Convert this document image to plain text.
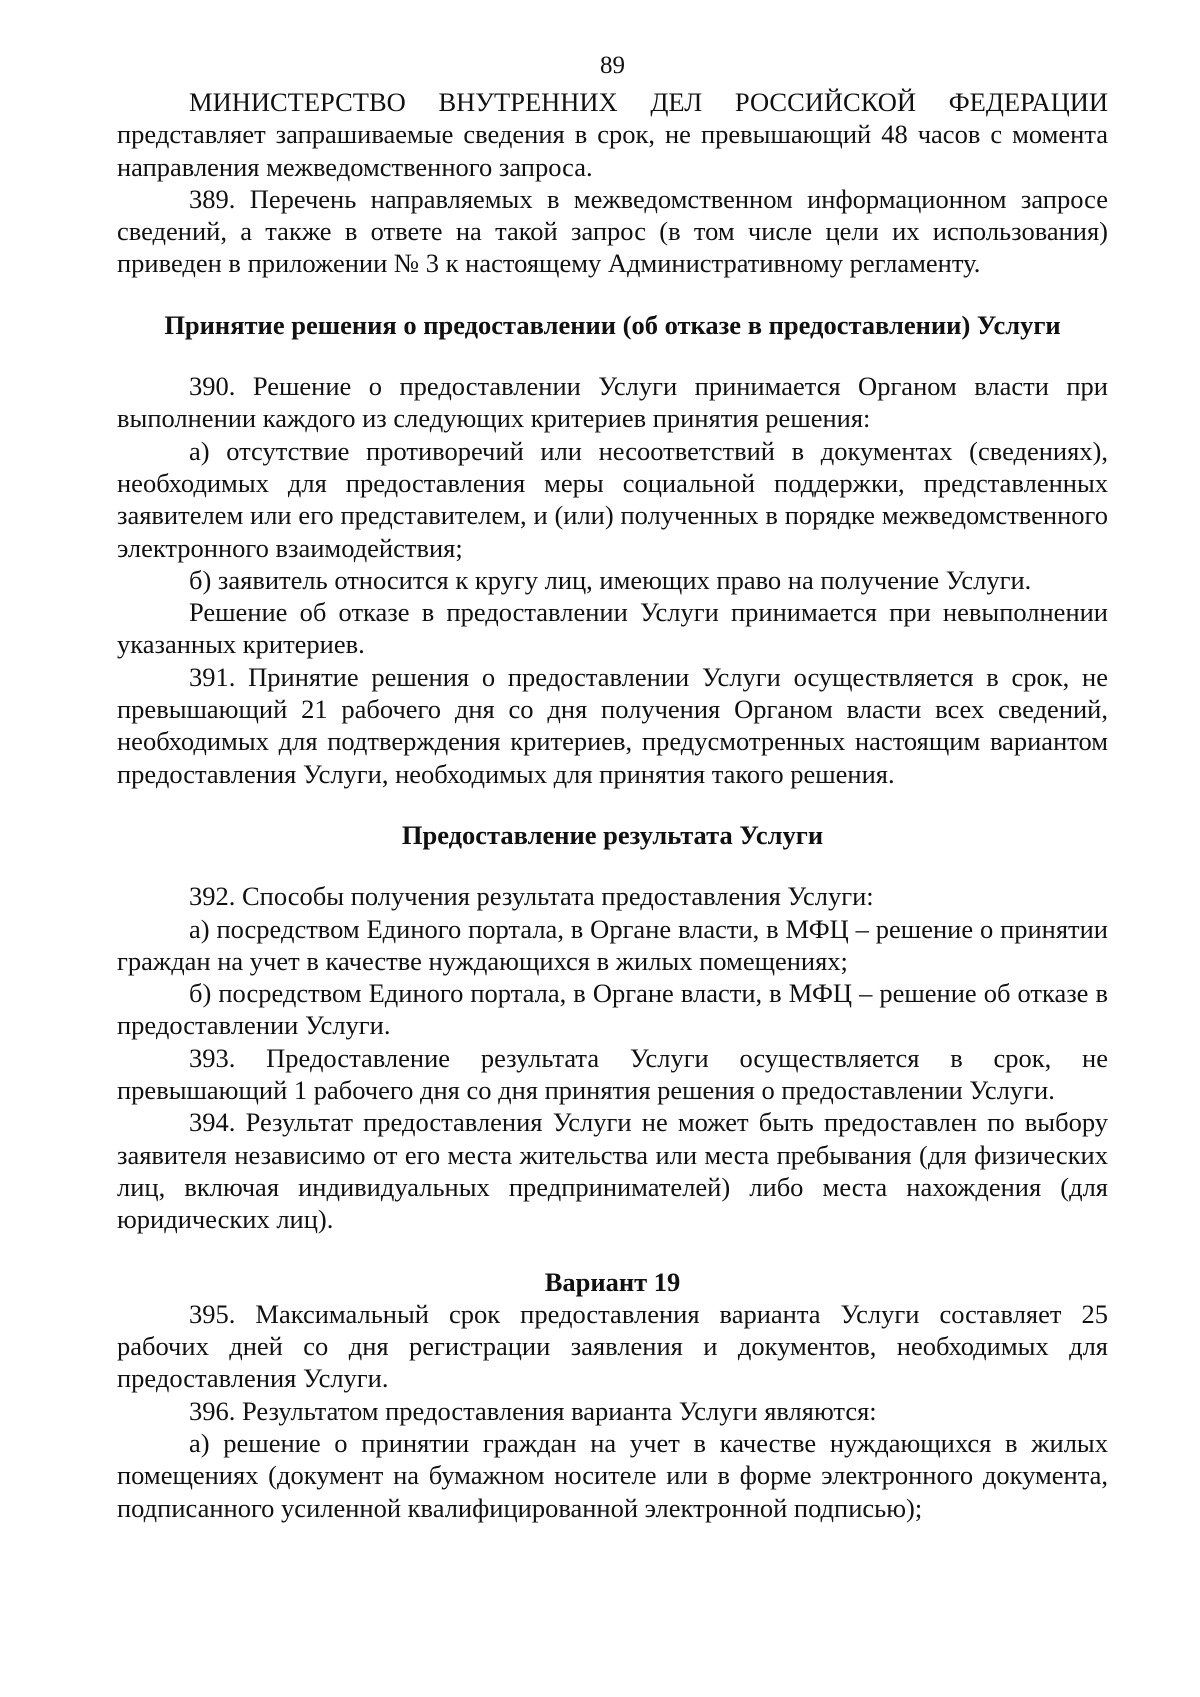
89

МИНИСТЕРСТВО ВНУТРЕННИХ ДЕЛ РОССИЙСКОЙ ФЕДЕРАЦИИ

представляет запрашиваемые сведения в срок, не превышающий 48 часов с момента направления межведомственного запроса.

389. Перечень направляемых в межведомственном информационном запросе сведений, а также в ответе на такой запрос (в том числе цели их использования) приведен в приложении № 3 к настоящему Административному регламенту.

Принятие решения о предоставлении (об отказе в предоставлении) Услуги

390. Решение о предоставлении Услуги принимается Органом власти при выполнении каждого из следующих критериев принятия решения:

а) отсутствие противоречий или несоответствий в документах (сведениях), необходимых для предоставления меры социальной поддержки, представленных заявителем или его представителем, и (или) полученных в порядке межведомственного электронного взаимодействия;

б) заявитель относится к кругу лиц, имеющих право на получение Услуги.

Решение об отказе в предоставлении Услуги принимается при невыполнении указанных критериев.

391. Принятие решения о предоставлении Услуги осуществляется в срок, не превышающий 21 рабочего дня со дня получения Органом власти всех сведений, необходимых для подтверждения критериев, предусмотренных настоящим вариантом предоставления Услуги, необходимых для принятия такого решения.

Предоставление результата Услуги

392. Способы получения результата предоставления Услуги:

а) посредством Единого портала, в Органе власти, в МФЦ – решение о принятии граждан на учет в качестве нуждающихся в жилых помещениях;

б) посредством Единого портала, в Органе власти, в МФЦ – решение об отказе в предоставлении Услуги.

393. Предоставление результата Услуги осуществляется в срок, не превышающий 1 рабочего дня со дня принятия решения о предоставлении Услуги.

394. Результат предоставления Услуги не может быть предоставлен по выбору заявителя независимо от его места жительства или места пребывания (для физических лиц, включая индивидуальных предпринимателей) либо места нахождения (для юридических лиц).

Вариант 19

395. Максимальный срок предоставления варианта Услуги составляет 25 рабочих дней со дня регистрации заявления и документов, необходимых для предоставления Услуги.

396. Результатом предоставления варианта Услуги являются:

а) решение о принятии граждан на учет в качестве нуждающихся в жилых помещениях (документ на бумажном носителе или в форме электронного документа, подписанного усиленной квалифицированной электронной подписью);
